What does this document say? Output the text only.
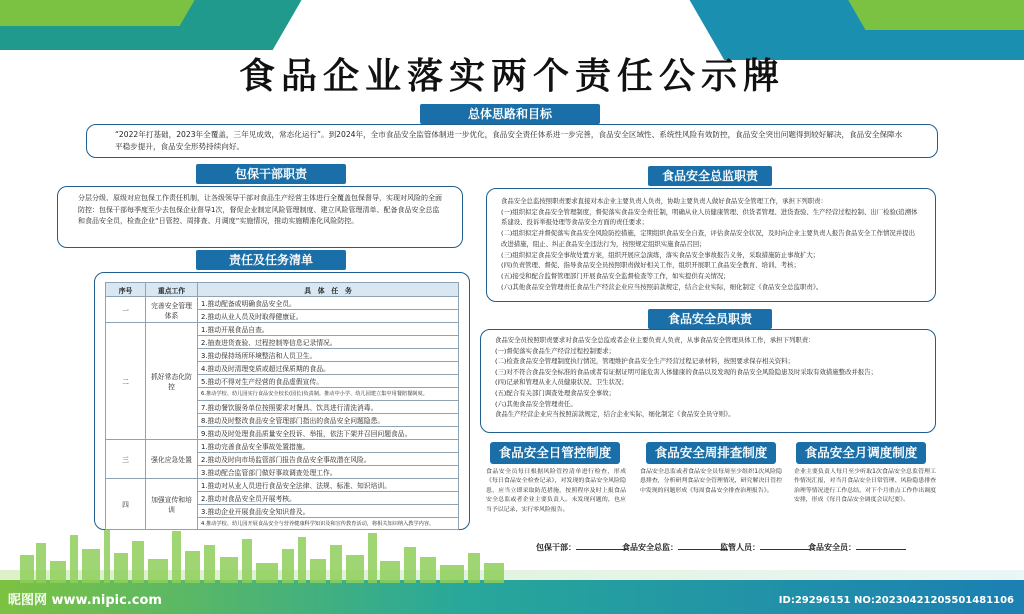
食品企业落实两个责任公示牌
总体思路和目标
“2022年打基础，2023年全覆盖，三年见成效，常态化运行”。到2024年，全市食品安全监管体制进一步优化，食品安全责任体系进一步完善，食品安全区域性、系统性风险有效防控，食品安全突出问题得到较好解决，食品安全保障水平稳步提升，食品安全形势持续向好。
包保干部职责
分层分级、原级对应包保工作责任机制，让各级领导干部对食品生产经营主体进行全覆盖包保督导，实现对风险的全面防控：包保干部每季度至少去包保企业督导1次，督促企业制定风险管理制度、建立风险管理清单、配备食品安全总监和食品安全员，检查企业“日管控、周排查、月调度”实施情况，推动实施精准化风险防控。
责任及任务清单
序号	重点工作	具　体　任　务
一	完善安全管理体系	1.推动配备或明确食品安全员。
		2.推动从业人员及时取得健康证。
二	抓好常态化防控	1.推动开展食品自查。
		2.抽查进货查验、过程控制等信息记录情况。
		3.推动保持场所环境整洁和人员卫生。
		4.推动及时清理变质或超过保质期的食品。
		5.推动不得对生产经营的食品虚假宣传。
		6.推动学校、幼儿园实行食品安全校长(园长)负责制。推动中小学、幼儿园建立集中用餐陪餐制度。
		7.推动餐饮服务单位按照要求对餐具、饮具进行清洗消毒。
		8.推动及时整改食品安全管理部门指出的食品安全问题隐患。
		9.推动及时处理食品质量安全投诉、举报，依法下架并召回问题食品。
三	强化应急处置	1.推动完善食品安全事故处置措施。
		2.推动及时向市场监管部门报告食品安全事故潜在风险。
		3.推动配合监管部门做好事故调查处理工作。
四	加强宣传和培训	1.推动对从业人员进行食品安全法律、法规、标准、知识培训。
		2.推动对食品安全员开展考核。
		3.推动企业开展食品安全知识普及。
		4.推动学校、幼儿园开展食品安全与营养健康科学知识及和宣传教育活动，将相关知识纳入教学内容。
食品安全总监职责
食品安全总监按照职责要求直接对本企业主要负责人负责，协助主要负责人做好食品安全管理工作，承担下列职责：
(一)组织拟定食品安全管理制度，督促落实食品安全责任制，明确从业人员健康管理、供货者管理、进货查验、生产经营过程控制、出厂检验(追溯体系建设、投诉举报处理等食品安全方面的责任要求；
(二)组织拟定并督促落实食品安全风险防控措施，定期组织食品安全自查，评估食品安全状况，及时向企业主要负责人报告食品安全工作情况并提出改进措施，阻止、纠正食品安全违法行为，按照规定组织实施食品召回；
(三)组织拟定食品安全事故处置方案，组织开展应急演练，落实食品安全事故报告义务，采取措施防止事故扩大；
(四)负责管理、督促、指导食品安全员按照职责做好相关工作，组织开展职工食品安全教育、培训、考核；
(五)接受和配合监督管理部门开展食品安全监督检查等工作，如实提供有关情况；
(六)其他食品安全管理责任食品生产经营企业应当按照前款规定，结合企业实际，细化制定《食品安全总监职责》。
食品安全员职责
食品安全员按照职责要求对食品安全总监或者企业主要负责人负责，从事食品安全管理具体工作，承担下列职责：
(一)督促落实食品生产经营过程控制要求；
(二)检查食品安全管理制度执行情况，管理维护食品安全生产经营过程记录材料，按照要求保存相关资料；
(三)对不符合食品安全标准的食品或者有证据证明可能危害人体健康的食品以及发现的食品安全风险隐患及时采取有效措施整改并报告；
(四)记录和管理从业人员健康状况、卫生状况；
(五)配合有关部门调查处理食品安全事故；
(六)其他食品安全管理责任。
食品生产经营企业应当按照前款规定，结合企业实际，细化制定《食品安全员守则》。
食品安全日管控制度
食品安全员每日根据风险管控清单进行检查，形成《每日食品安全检查记录》，对发现的食品安全风险隐患，应当立即采取防范措施，按照程序及时上报食品安全总监或者企业主要负责人。未发现问题的，也应当予以记录，实行零风险报告。
食品安全周排查制度
食品安全总监或者食品安全员每周至少组织1次风险隐患排查，分析研判食品安全管理情况，研究解决日管控中发现的问题形成《每周食品安全排查治理报告》。
食品安全月调度制度
企业主要负责人每月至少听取1次食品安全总监管理工作情况汇报，对当月食品安全日常管理、风险隐患排查治理等情况进行工作总结，对下个月重点工作作出调度安排，形成《每月食品安全调度会议纪要》。
包保干部：	食品安全总监：	监管人员：	食品安全员：
昵图网 www.nipic.com	ID:29296151 NO:20230421205501481106
